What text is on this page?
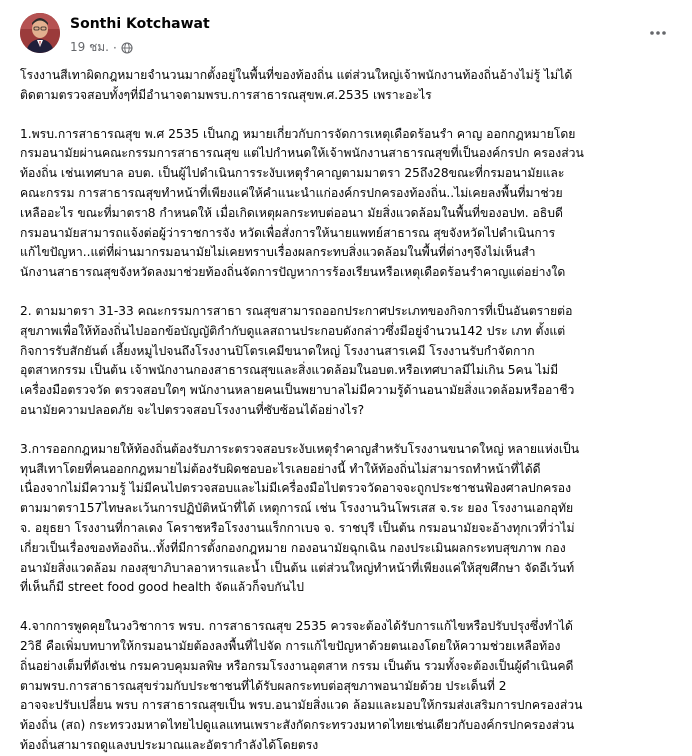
Sonthi Kotchawat
19 ชม. ·

โรงงานสีเทาผิดกฎหมายจำนวนมากตั้งอยู่ในพื้นที่ของท้องถิ่น แต่ส่วนใหญ่เจ้าพนักงานท้องถิ่นอ้างไม่รู้ ไม่ได้
ติดตามตรวจสอบทั้งๆที่มีอำนาจตามพรบ.การสาธารณสุขพ.ศ.2535 เพราะอะไร

1.พรบ.การสาธารณสุข พ.ศ 2535 เป็นกฎ หมายเกี่ยวกับการจัดการเหตุเดือดร้อนรำ คาญ ออกกฎหมายโดย
กรมอนามัยผ่านคณะกรรมการสาธารณสุข แต่ไปกำหนดให้เจ้าพนักงานสาธารณสุขที่เป็นองค์กรปก ครองส่วน
ท้องถิ่น เช่นเทศบาล อบต. เป็นผู้ไปดำเนินการระงับเหตุรำคาญตามมาตรา 25ถึง28ขณะที่กรมอนามัยและ
คณะกรรม การสาธารณสุขทำหน้าที่เพียงแค่ให้คำแนะนำแก่องค์กรปกครองท้องถิ่น..ไม่เคยลงพื้นที่มาช่วย
เหลืออะไร ขณะที่มาตรา8 กำหนดให้ เมื่อเกิดเหตุผลกระทบต่ออนา มัยสิ่งแวดล้อมในพื้นที่ของอปท. อธิบดี
กรมอนามัยสามารถแจ้งต่อผู้ว่าราชการจัง หวัดเพื่อสั่งการให้นายแพทย์สาธารณ สุขจังหวัดไปดำเนินการ
แก้ไขปัญหา..แต่ที่ผ่านมากรมอนามัยไม่เคยทราบเรื่องผลกระทบสิ่งแวดล้อมในพื้นที่ต่างๆจึงไม่เห็นสำ
นักงานสาธารณสุขจังหวัดลงมาช่วยท้องถิ่นจัดการปัญหาการร้องเรียนหรือเหตุเดือดร้อนรำคาญแต่อย่างใด

2. ตามมาตรา 31-33 คณะกรรมการสาธา รณสุขสามารถออกประกาศประเภทของกิจการที่เป็นอันตรายต่อ
สุขภาพเพื่อให้ท้องถิ่นไปออกข้อบัญญัติกำกับดูแลสถานประกอบดังกล่าวซึ่งมีอยู่จำนวน142 ประ เภท ตั้งแต่
กิจการรับสักยันต์ เลี้ยงหมูไปจนถึงโรงงานปิโตรเคมีขนาดใหญ่ โรงงานสารเคมี โรงงานรับกำจัดกาก
อุตสาหกรรม เป็นต้น เจ้าพนักงานกองสาธารณสุขและสิ่งแวดล้อมในอบต.หรือเทศบาลมีไม่เกิน 5คน ไม่มี
เครื่องมือตรวจวัด ตรวจสอบใดๆ พนักงานหลายคนเป็นพยาบาลไม่มีความรู้ด้านอนามัยสิ่งแวดล้อมหรืออาชีว
อนามัยความปลอดภัย จะไปตรวจสอบโรงงานที่ซับซ้อนได้อย่างไร?

3.การออกกฎหมายให้ท้องถิ่นต้องรับภาระตรวจสอบระงับเหตุรำคาญสำหรับโรงงานขนาดใหญ่ หลายแห่งเป็น
ทุนสีเทาโดยที่คนออกกฎหมายไม่ต้องรับผิดชอบอะไรเลยอย่างนี้ ทำให้ท้องถิ่นไม่สามารถทำหน้าที่ได้ดี
เนื่องจากไม่มีความรู้ ไม่มีคนไปตรวจสอบและไม่มีเครื่องมือไปตรวจวัดอาจจะถูกประชาชนฟ้องศาลปกครอง
ตามมาตรา157ไทษละเว้นการปฏิบัติหน้าที่ได้ เหตุการณ์ เช่น โรงงานวินโพรเสส จ.ระ ยอง โรงงานเอกอุทัย
จ. อยุธยา โรงงานที่กาลเดง โคราชหรือโรงงานแร็กกาเบจ จ. ราชบุรี เป็นต้น กรมอนามัยจะอ้างทุกเวที่ว่าไม่
เกี่ยวเป็นเรื่องของท้องถิ่น..ทั้งที่มีการตั้งกองกฎหมาย กองอนามัยฉุกเฉิน กองประเมินผลกระทบสุขภาพ กอง
อนามัยสิ่งแวดล้อม กองสุขาภิบาลอาหารและน้ำ เป็นต้น แต่ส่วนใหญ่ทำหน้าที่เพียงแค่ให้สุขศึกษา จัดอีเว้นท์
ที่เห็นก็มี street food good health จัดแล้วก็จบกันไป

4.จากการพูดคุยในวงวิชาการ พรบ. การสาธารณสุข 2535 ควรจะต้องได้รับการแก้ไขหรือปรับปรุงซึ่งทำได้
2วิธี คือเพิ่มบทบาทให้กรมอนามัยต้องลงพื้นที่ไปจัด การแก้ไขปัญหาด้วยตนเองโดยให้ความช่วยเหลือท้อง
ถิ่นอย่างเต็มที่ดังเช่น กรมควบคุมมลพิษ หรือกรมโรงงานอุตสาห กรรม เป็นต้น รวมทั้งจะต้องเป็นผู้ดำเนินคดี
ตามพรบ.การสาธารณสุขร่วมกับประชาชนที่ได้รับผลกระทบต่อสุขภาพอนามัยด้วย ประเด็นที่ 2
อาจจะปรับเปลี่ยน พรบ การสาธารณสุขเป็น พรบ.อนามัยสิ่งแวด ล้อมและมอบให้กรมส่งเสริมการปกครองส่วน
ท้องถิ่น (สถ) กระทรวงมหาดไทยไปดูแลแทนเพราะสังกัดกระทรวงมหาดไทยเช่นเดียวกับองค์กรปกครองส่วน
ท้องถิ่นสามารถดูแลงบประมาณและอัตรากำลังได้โดยตรง
